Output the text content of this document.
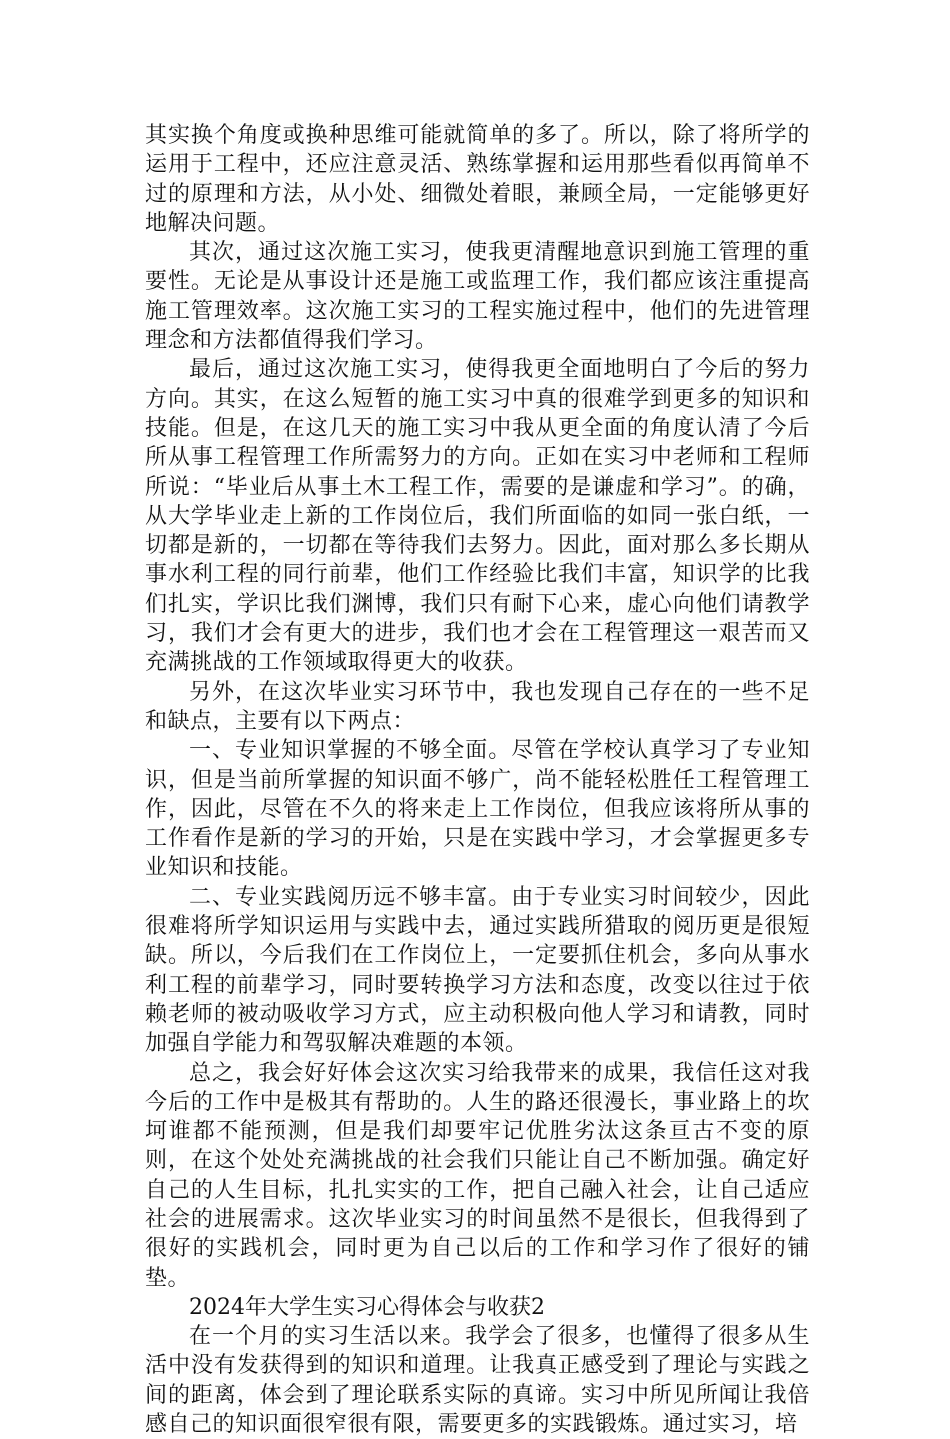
其实换个角度或换种思维可能就简单的多了。所以，除了将所学的运用于工程中，还应注意灵活、熟练掌握和运用那些看似再简单不过的原理和方法，从小处、细微处着眼，兼顾全局，一定能够更好地解决问题。

其次，通过这次施工实习，使我更清醒地意识到施工管理的重要性。无论是从事设计还是施工或监理工作，我们都应该注重提高施工管理效率。这次施工实习的工程实施过程中，他们的先进管理理念和方法都值得我们学习。

最后，通过这次施工实习，使得我更全面地明白了今后的努力方向。其实，在这么短暂的施工实习中真的很难学到更多的知识和技能。但是，在这几天的施工实习中我从更全面的角度认清了今后所从事工程管理工作所需努力的方向。正如在实习中老师和工程师所说：“毕业后从事土木工程工作，需要的是谦虚和学习”。的确，从大学毕业走上新的工作岗位后，我们所面临的如同一张白纸，一切都是新的，一切都在等待我们去努力。因此，面对那么多长期从事水利工程的同行前辈，他们工作经验比我们丰富，知识学的比我们扎实，学识比我们渊博，我们只有耐下心来，虚心向他们请教学习，我们才会有更大的进步，我们也才会在工程管理这一艰苦而又充满挑战的工作领域取得更大的收获。

另外，在这次毕业实习环节中，我也发现自己存在的一些不足和缺点，主要有以下两点：

一、专业知识掌握的不够全面。尽管在学校认真学习了专业知识，但是当前所掌握的知识面不够广，尚不能轻松胜任工程管理工作，因此，尽管在不久的将来走上工作岗位，但我应该将所从事的工作看作是新的学习的开始，只是在实践中学习，才会掌握更多专业知识和技能。

二、专业实践阅历远不够丰富。由于专业实习时间较少，因此很难将所学知识运用与实践中去，通过实践所猎取的阅历更是很短缺。所以，今后我们在工作岗位上，一定要抓住机会，多向从事水利工程的前辈学习，同时要转换学习方法和态度，改变以往过于依赖老师的被动吸收学习方式，应主动积极向他人学习和请教，同时加强自学能力和驾驭解决难题的本领。

总之，我会好好体会这次实习给我带来的成果，我信任这对我今后的工作中是极其有帮助的。人生的路还很漫长，事业路上的坎坷谁都不能预测，但是我们却要牢记优胜劣汰这条亘古不变的原则，在这个处处充满挑战的社会我们只能让自己不断加强。确定好自己的人生目标，扎扎实实的工作，把自己融入社会，让自己适应社会的进展需求。这次毕业实习的时间虽然不是很长，但我得到了很好的实践机会，同时更为自己以后的工作和学习作了很好的铺垫。

2024年大学生实习心得体会与收获2

在一个月的实习生活以来。我学会了很多，也懂得了很多从生活中没有发获得到的知识和道理。让我真正感受到了理论与实践之间的距离，体会到了理论联系实际的真谛。实习中所见所闻让我倍感自己的知识面很窄很有限，需要更多的实践锻炼。通过实习，培
